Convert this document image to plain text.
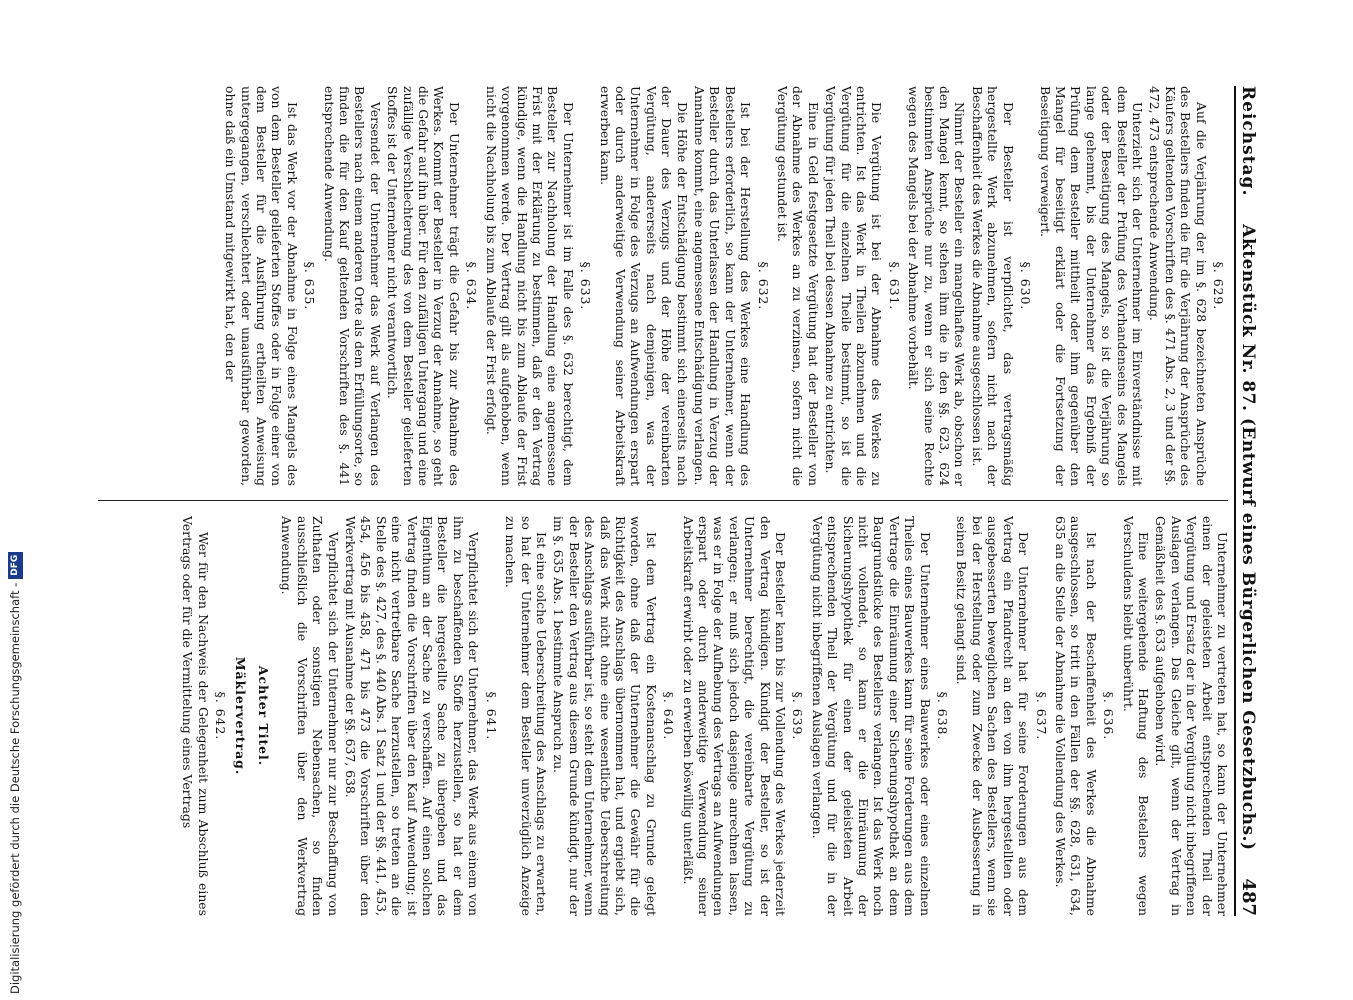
Digitalisierung gefördert durch die Deutsche Forschungsgemeinschaft -
DFG
Reichstag.
Aktenstück Nr. 87. (Entwurf eines Bürgerlichen Gesetzbuchs.)
487
§. 629.
Auf die Verjährung der im §. 628 bezeichneten Ansprüche des Bestellers finden die für die Verjährung der Ansprüche des Käufers geltenden Vorschriften des §. 471 Abs. 2, 3 und der §§. 472, 473 entsprechende Anwendung.
Unterzieht sich der Unternehmer im Einverständnisse mit dem Besteller der Prüfung des Vorhandenseins des Mangels oder der Beseitigung des Mangels, so ist die Verjährung so lange gehemmt, bis der Unternehmer das Ergebniß der Prüfung dem Besteller mittheilt oder ihm gegenüber den Mangel für beseitigt erklärt oder die Fortsetzung der Beseitigung verweigert.
§. 630.
Der Besteller ist verpflichtet, das vertragsmäßig hergestellte Werk abzunehmen, sofern nicht nach der Beschaffenheit des Werkes die Abnahme ausgeschlossen ist.
Nimmt der Besteller ein mangelhaftes Werk ab, obschon er den Mangel kennt, so stehen ihm die in den §§. 623, 624 bestimmten Ansprüche nur zu, wenn er sich seine Rechte wegen des Mangels bei der Abnahme vorbehält.
§. 631.
Die Vergütung ist bei der Abnahme des Werkes zu entrichten. Ist das Werk in Theilen abzunehmen und die Vergütung für die einzelnen Theile bestimmt, so ist die Vergütung für jeden Theil bei dessen Abnahme zu entrichten.
Eine in Geld festgesetzte Vergütung hat der Besteller von der Abnahme des Werkes an zu verzinsen, sofern nicht die Vergütung gestundet ist.
§. 632.
Ist bei der Herstellung des Werkes eine Handlung des Bestellers erforderlich, so kann der Unternehmer, wenn der Besteller durch das Unterlassen der Handlung in Verzug der Annahme kommt, eine angemessene Entschädigung verlangen.
Die Höhe der Entschädigung bestimmt sich einerseits nach der Dauer des Verzugs und der Höhe der vereinbarten Vergütung, andererseits nach demjenigen, was der Unternehmer in Folge des Verzugs an Aufwendungen erspart oder durch anderweitige Verwendung seiner Arbeitskraft erwerben kann.
§. 633.
Der Unternehmer ist im Falle des §. 632 berechtigt, dem Besteller zur Nachholung der Handlung eine angemessene Frist mit der Erklärung zu bestimmen, daß er den Vertrag kündige, wenn die Handlung nicht bis zum Ablaufe der Frist vorgenommen werde. Der Vertrag gilt als aufgehoben, wenn nicht die Nachholung bis zum Ablaufe der Frist erfolgt.
§. 634.
Der Unternehmer trägt die Gefahr bis zur Abnahme des Werkes. Kommt der Besteller in Verzug der Annahme, so geht die Gefahr auf ihn über. Für den zufälligen Untergang und eine zufällige Verschlechterung des von dem Besteller gelieferten Stoffes ist der Unternehmer nicht verantwortlich.
Versendet der Unternehmer das Werk auf Verlangen des Bestellers nach einem anderen Orte als dem Erfüllungsorte, so finden die für den Kauf geltenden Vorschriften des §. 441 entsprechende Anwendung.
§. 635.
Ist das Werk vor der Abnahme in Folge eines Mangels des von dem Besteller gelieferten Stoffes oder in Folge einer von dem Besteller für die Ausführung ertheilten Anweisung untergegangen, verschlechtert oder unausführbar geworden, ohne daß ein Umstand mitgewirkt hat, den der
Unternehmer zu vertreten hat, so kann der Unternehmer einen der geleisteten Arbeit entsprechenden Theil der Vergütung und Ersatz der in der Vergütung nicht inbegriffenen Auslagen verlangen. Das Gleiche gilt, wenn der Vertrag in Gemäßheit des §. 633 aufgehoben wird.
Eine weitergehende Haftung des Bestellers wegen Verschuldens bleibt unberührt.
§. 636.
Ist nach der Beschaffenheit des Werkes die Abnahme ausgeschlossen, so tritt in den Fällen der §§. 628, 631, 634, 635 an die Stelle der Abnahme die Vollendung des Werkes.
§. 637.
Der Unternehmer hat für seine Forderungen aus dem Vertrag ein Pfandrecht an den von ihm hergestellten oder ausgebesserten beweglichen Sachen des Bestellers, wenn sie bei der Herstellung oder zum Zwecke der Ausbesserung in seinen Besitz gelangt sind.
§. 638.
Der Unternehmer eines Bauwerkes oder eines einzelnen Theiles eines Bauwerkes kann für seine Forderungen aus dem Vertrage die Einräumung einer Sicherungshypothek an dem Baugrundstücke des Bestellers verlangen. Ist das Werk noch nicht vollendet, so kann er die Einräumung der Sicherungshypothek für einen der geleisteten Arbeit entsprechenden Theil der Vergütung und für die in der Vergütung nicht inbegriffenen Auslagen verlangen.
§. 639.
Der Besteller kann bis zur Vollendung des Werkes jederzeit den Vertrag kündigen. Kündigt der Besteller, so ist der Unternehmer berechtigt, die vereinbarte Vergütung zu verlangen; er muß sich jedoch dasjenige anrechnen lassen, was er in Folge der Aufhebung des Vertrags an Aufwendungen erspart oder durch anderweitige Verwendung seiner Arbeitskraft erwirbt oder zu erwerben böswillig unterläßt.
§. 640.
Ist dem Vertrag ein Kostenanschlag zu Grunde gelegt worden, ohne daß der Unternehmer die Gewähr für die Richtigkeit des Anschlags übernommen hat, und ergiebt sich, daß das Werk nicht ohne eine wesentliche Ueberschreitung des Anschlags ausführbar ist, so steht dem Unternehmer, wenn der Besteller den Vertrag aus diesem Grunde kündigt, nur der im §. 635 Abs. 1 bestimmte Anspruch zu.
Ist eine solche Ueberschreitung des Anschlags zu erwarten, so hat der Unternehmer dem Besteller unverzüglich Anzeige zu machen.
§. 641.
Verpflichtet sich der Unternehmer, das Werk aus einem von ihm zu beschaffenden Stoffe herzustellen, so hat er dem Besteller die hergestellte Sache zu übergeben und das Eigenthum an der Sache zu verschaffen. Auf einen solchen Vertrag finden die Vorschriften über den Kauf Anwendung; ist eine nicht vertretbare Sache herzustellen, so treten an die Stelle des §. 427, des §. 440 Abs. 1 Satz 1 und der §§. 441, 453, 454, 456 bis 458, 471 bis 473 die Vorschriften über den Werkvertrag mit Ausnahme der §§. 637, 638.
Verpflichtet sich der Unternehmer nur zur Beschaffung von Zuthaten oder sonstigen Nebensachen, so finden ausschließlich die Vorschriften über den Werkvertrag Anwendung.
Achter Titel.
Mäklervertrag.
§. 642.
Wer für den Nachweis der Gelegenheit zum Abschluß eines Vertrags oder für die Vermittelung eines Vertrags
